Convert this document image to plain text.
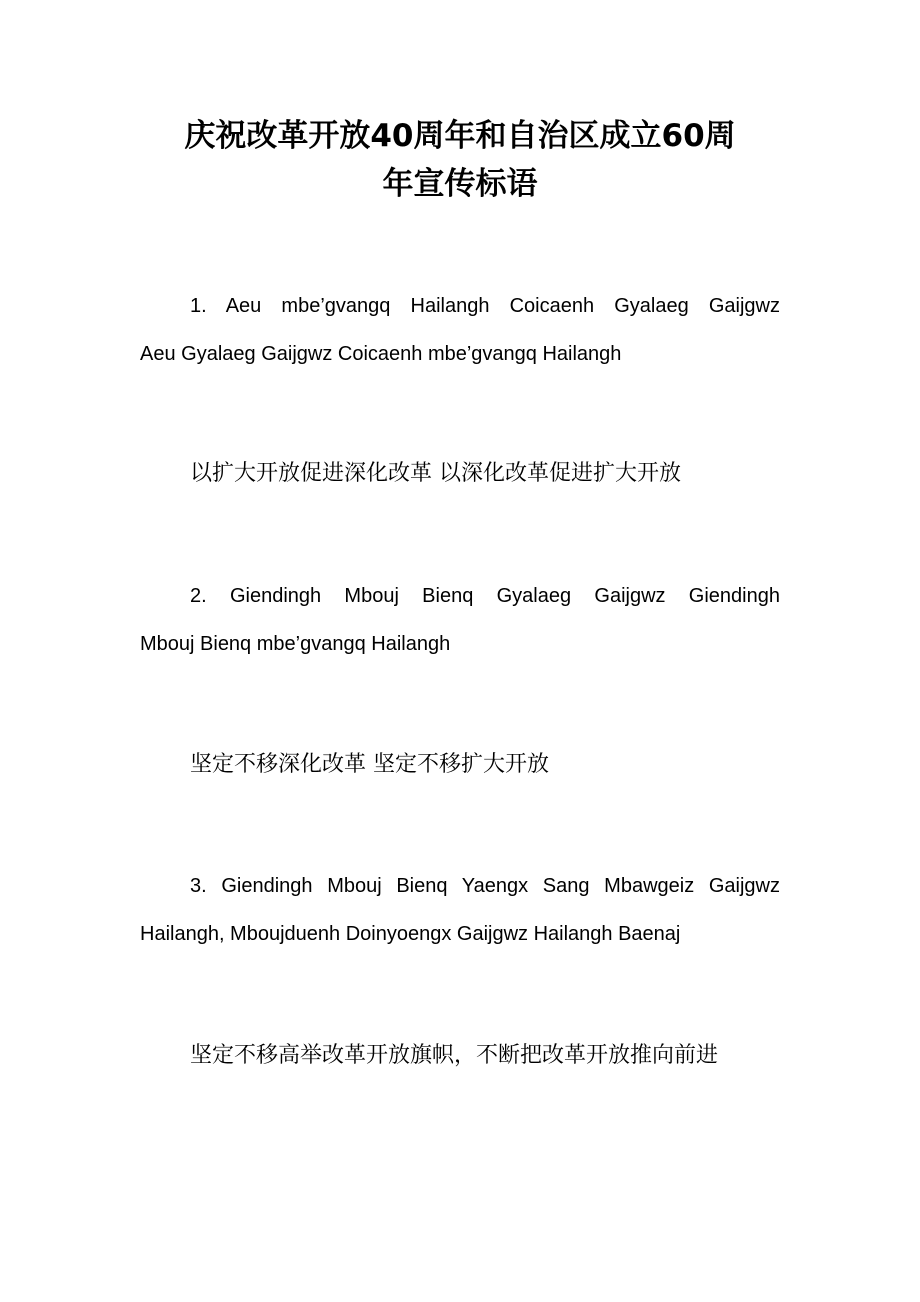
庆祝改革开放40周年和自治区成立60周
年宣传标语

1. Aeu mbe’gvangq Hailangh Coicaenh Gyalaeg Gaijgwz
Aeu Gyalaeg Gaijgwz Coicaenh mbe’gvangq Hailangh

以扩大开放促进深化改革 以深化改革促进扩大开放

2. Giendingh Mbouj Bienq Gyalaeg Gaijgwz Giendingh
Mbouj Bienq mbe’gvangq Hailangh

坚定不移深化改革 坚定不移扩大开放

3. Giendingh Mbouj Bienq Yaengx Sang Mbawgeiz Gaijgwz
Hailangh, Mboujduenh Doinyoengx Gaijgwz Hailangh Baenaj

坚定不移高举改革开放旗帜，不断把改革开放推向前进
